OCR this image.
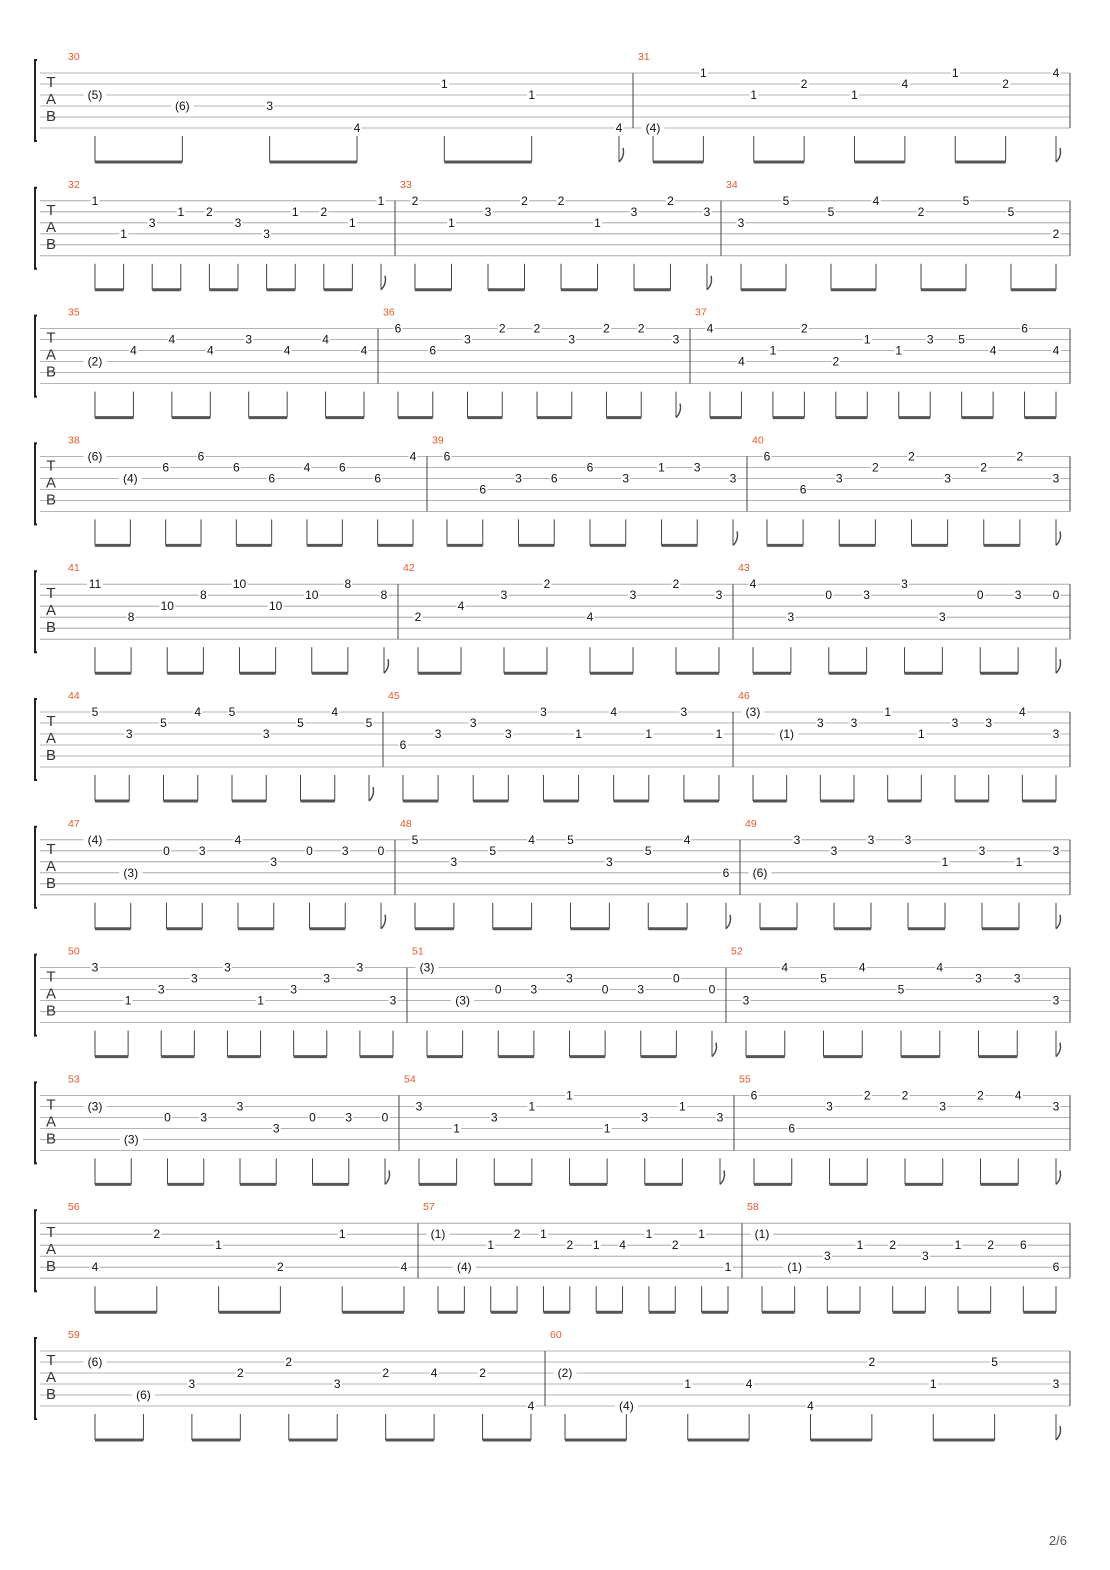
T
A
B
30
(5)
(6)	3
4
1
1
4
31
(4)
1
1
2
1
4
1
2
4
T
A
B
32
1
1
3
1 2
3
3
1 2
1
1
33
2
1
3
2 2
1
3
2
3
34
3
5
5
4
2
5
5
2
T
A
B
35
(2)
4
4
4
3
4
4
4
36
6
6
3
2 2
3
2 2
3
37
4
4
1
2
2
1
1
3 5
4
6
4
T
A
B
38
(6)
(4)
6
6
6
6
4 6
6
4
39
6
6
3 6
6
3
1 3
3
40
6
6
3
2
2
3
2
2
3
T
A
B
41
11
8
10
8
10
10
10
8
8
42
2
4
3
2
4
3
2
3
43
4
3
0	3
3
3
0	3	0
T
A
B
44
5
3
5
4 5
3
5
4
5
45
6
3
3
3
3
1
4
1
3
1
46
(3)
(1)
3 3
1
1
3 3
4
3
T
A
B
47
(4)
(3)
0 3
4
3
0 3 0
48
5
3
5
4	5
3
5
4
6
49
(6)
3
3
3	3
1
3
1
3
T
A
B
50
3
1
3
3
3
1
3
3
3
3
51
(3)
(3)
0 3
3
0 3
0
0
52
3
4
5
4
5
4
3	3
3
T
A
B
53
(3)
(3)
0 3
3
3
0 3 0
54
3
1
3
1
1
1
3
1
3
55
6
6
3
2	2
3
2	4
3
T
A
B
56
4
2
1
2
1
4
57
(1)
(4)
1
2 1
2 1 4
1
2
1
1
58
(1)
(1)
3
1 2
3
1 2 6
6
T
A
B
59
(6)
(6)
3
2
2
3
2	4	2
4
60
(2)
(4)
1	4
4
2
1
5
3
2/6
